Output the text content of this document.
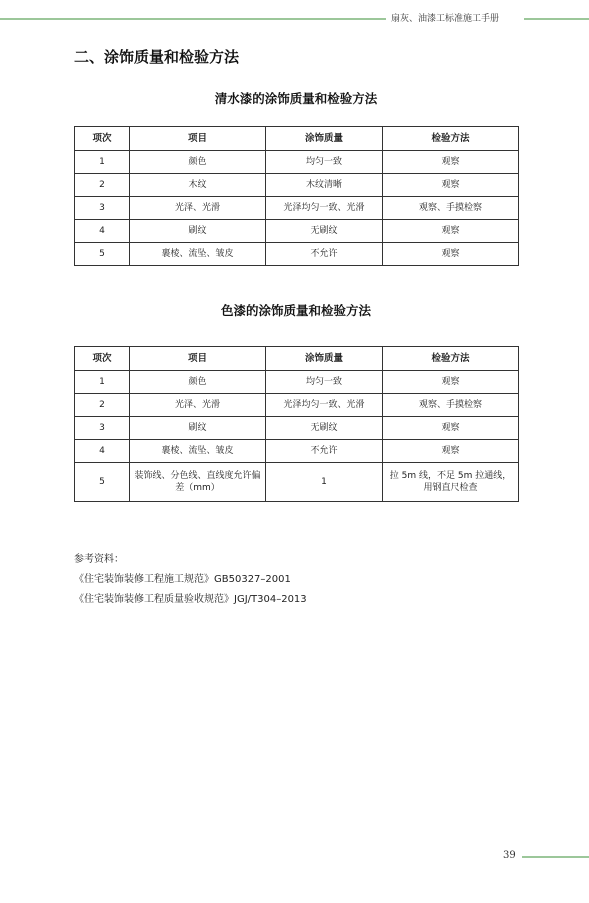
扇灰、油漆工标准施工手册
二、涂饰质量和检验方法
清水漆的涂饰质量和检验方法
项次	项目	涂饰质量	检验方法
1	颜色	均匀一致	观察
2	木纹	木纹清晰	观察
3	光泽、光滑	光泽均匀一致、光滑	观察、手摸检察
4	刷纹	无刷纹	观察
5	裹棱、流坠、皱皮	不允许	观察
色漆的涂饰质量和检验方法
项次	项目	涂饰质量	检验方法
1	颜色	均匀一致	观察
2	光泽、光滑	光泽均匀一致、光滑	观察、手摸检察
3	刷纹	无刷纹	观察
4	裹棱、流坠、皱皮	不允许	观察
5	装饰线、分色线、直线度允许偏差（mm）	1	拉 5m 线，不足 5m 拉通线，用钢直尺检查
参考资料：
《住宅装饰装修工程施工规范》GB50327–2001
《住宅装饰装修工程质量验收规范》JGJ/T304–2013
39
